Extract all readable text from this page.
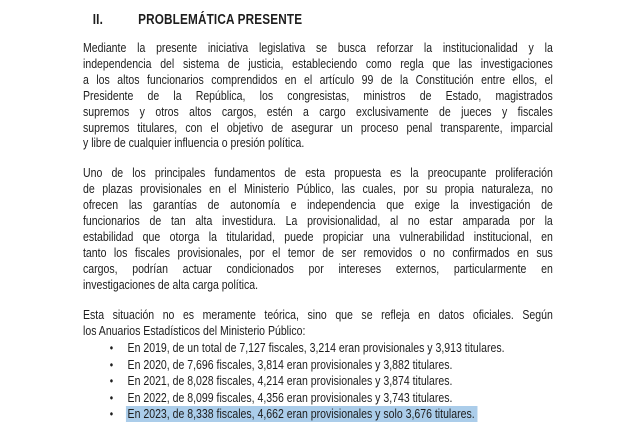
II. PROBLEMÁTICA PRESENTE
Mediante la presente iniciativa legislativa se busca reforzar la institucionalidad y la
independencia del sistema de justicia, estableciendo como regla que las investigaciones
a los altos funcionarios comprendidos en el artículo 99 de la Constitución entre ellos, el
Presidente de la República, los congresistas, ministros de Estado, magistrados
supremos y otros altos cargos, estén a cargo exclusivamente de jueces y fiscales
supremos titulares, con el objetivo de asegurar un proceso penal transparente, imparcial
y libre de cualquier influencia o presión política.
Uno de los principales fundamentos de esta propuesta es la preocupante proliferación
de plazas provisionales en el Ministerio Público, las cuales, por su propia naturaleza, no
ofrecen las garantías de autonomía e independencia que exige la investigación de
funcionarios de tan alta investidura. La provisionalidad, al no estar amparada por la
estabilidad que otorga la titularidad, puede propiciar una vulnerabilidad institucional, en
tanto los fiscales provisionales, por el temor de ser removidos o no confirmados en sus
cargos, podrían actuar condicionados por intereses externos, particularmente en
investigaciones de alta carga política.
Esta situación no es meramente teórica, sino que se refleja en datos oficiales. Según
los Anuarios Estadísticos del Ministerio Público:
•	En 2019, de un total de 7,127 fiscales, 3,214 eran provisionales y 3,913 titulares.
•	En 2020, de 7,696 fiscales, 3,814 eran provisionales y 3,882 titulares.
•	En 2021, de 8,028 fiscales, 4,214 eran provisionales y 3,874 titulares.
•	En 2022, de 8,099 fiscales, 4,356 eran provisionales y 3,743 titulares.
•	En 2023, de 8,338 fiscales, 4,662 eran provisionales y solo 3,676 titulares.
